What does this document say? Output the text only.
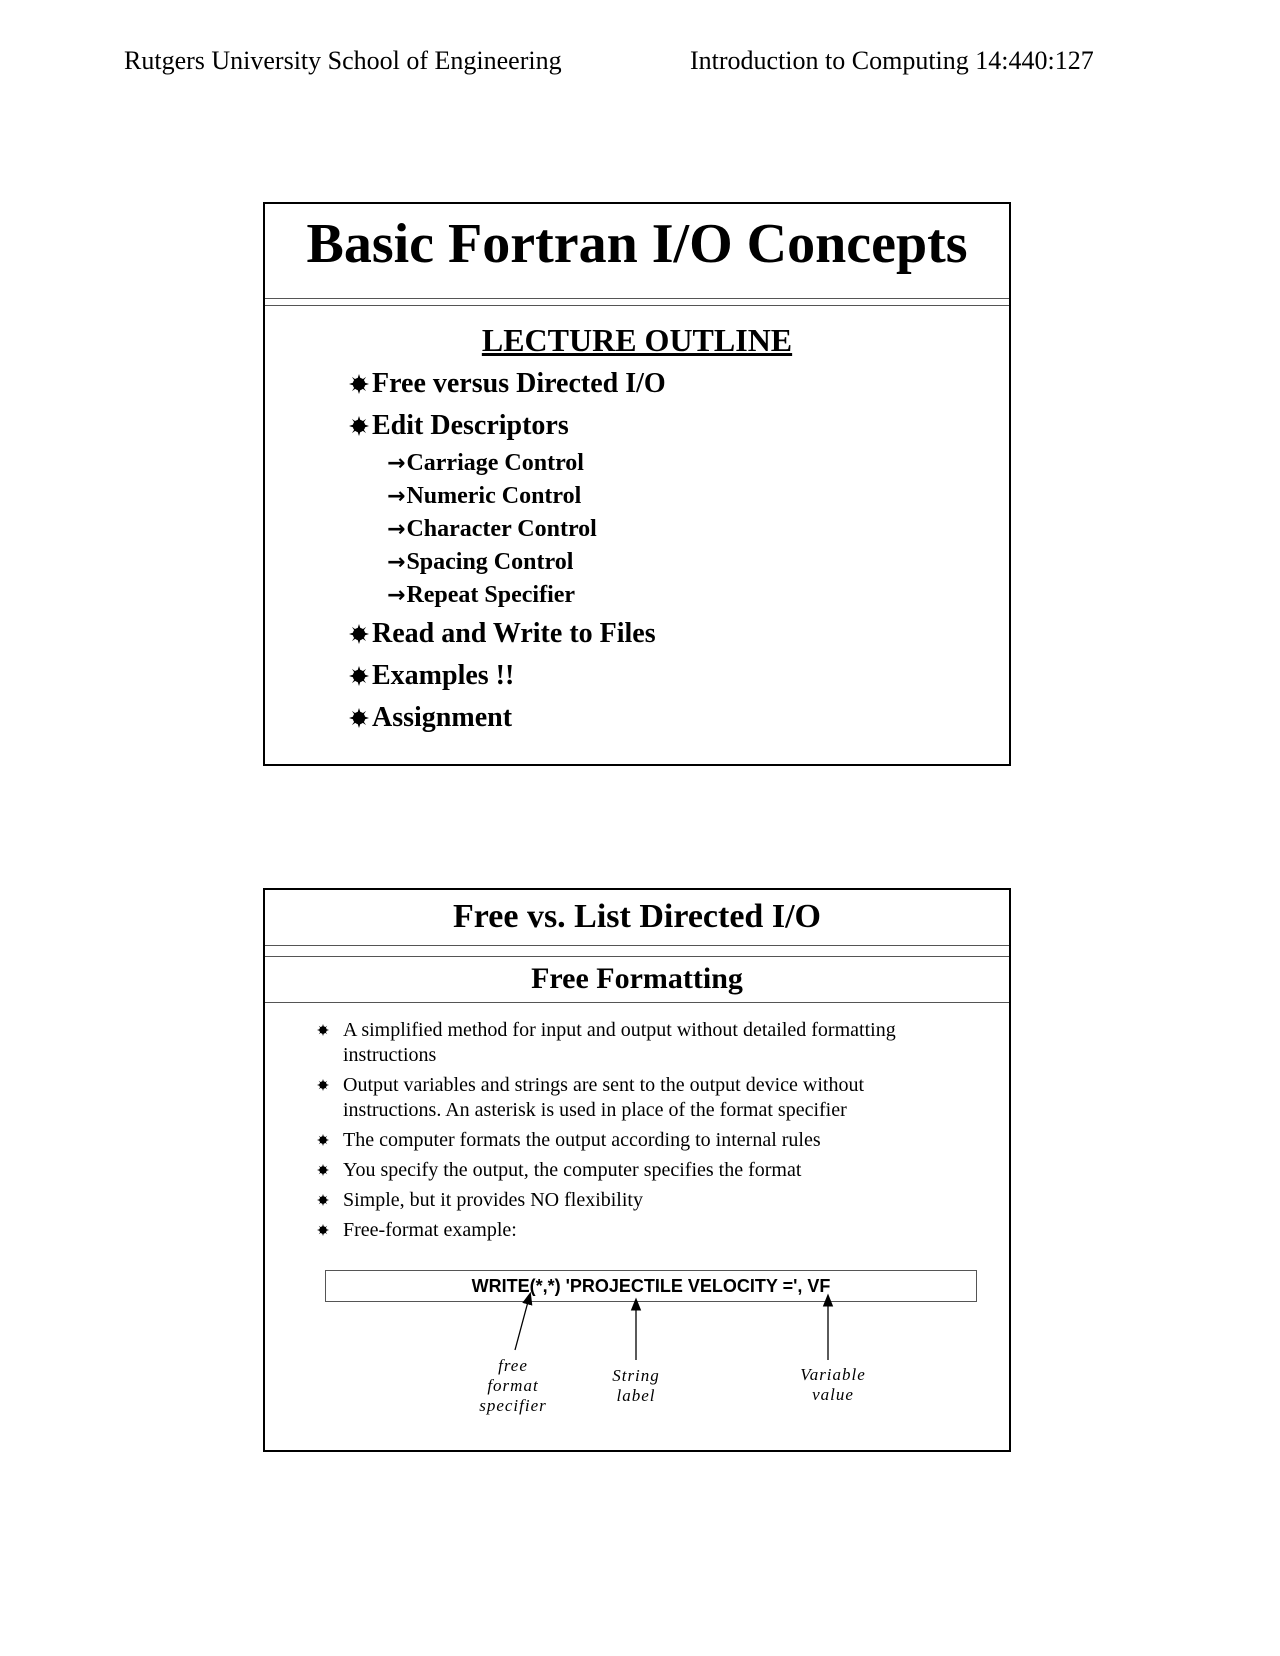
Rutgers University School of Engineering	Introduction to Computing 14:440:127
Basic Fortran I/O Concepts
LECTURE OUTLINE
Free versus Directed I/O
Edit Descriptors
→ Carriage Control
→ Numeric Control
→ Character Control
→ Spacing Control
→ Repeat Specifier
Read and Write to Files
Examples !!
Assignment
Free vs. List Directed I/O
Free Formatting
A simplified method for input and output without detailed formatting instructions
Output variables and strings are sent to the output device without instructions. An asterisk is used in place of the format specifier
The computer formats the output according to internal rules
You specify the output, the computer specifies the format
Simple, but it provides NO flexibility
Free-format example:
WRITE(*,*) 'PROJECTILE VELOCITY =', VF
free
format
specifier
String
label
Variable
value
